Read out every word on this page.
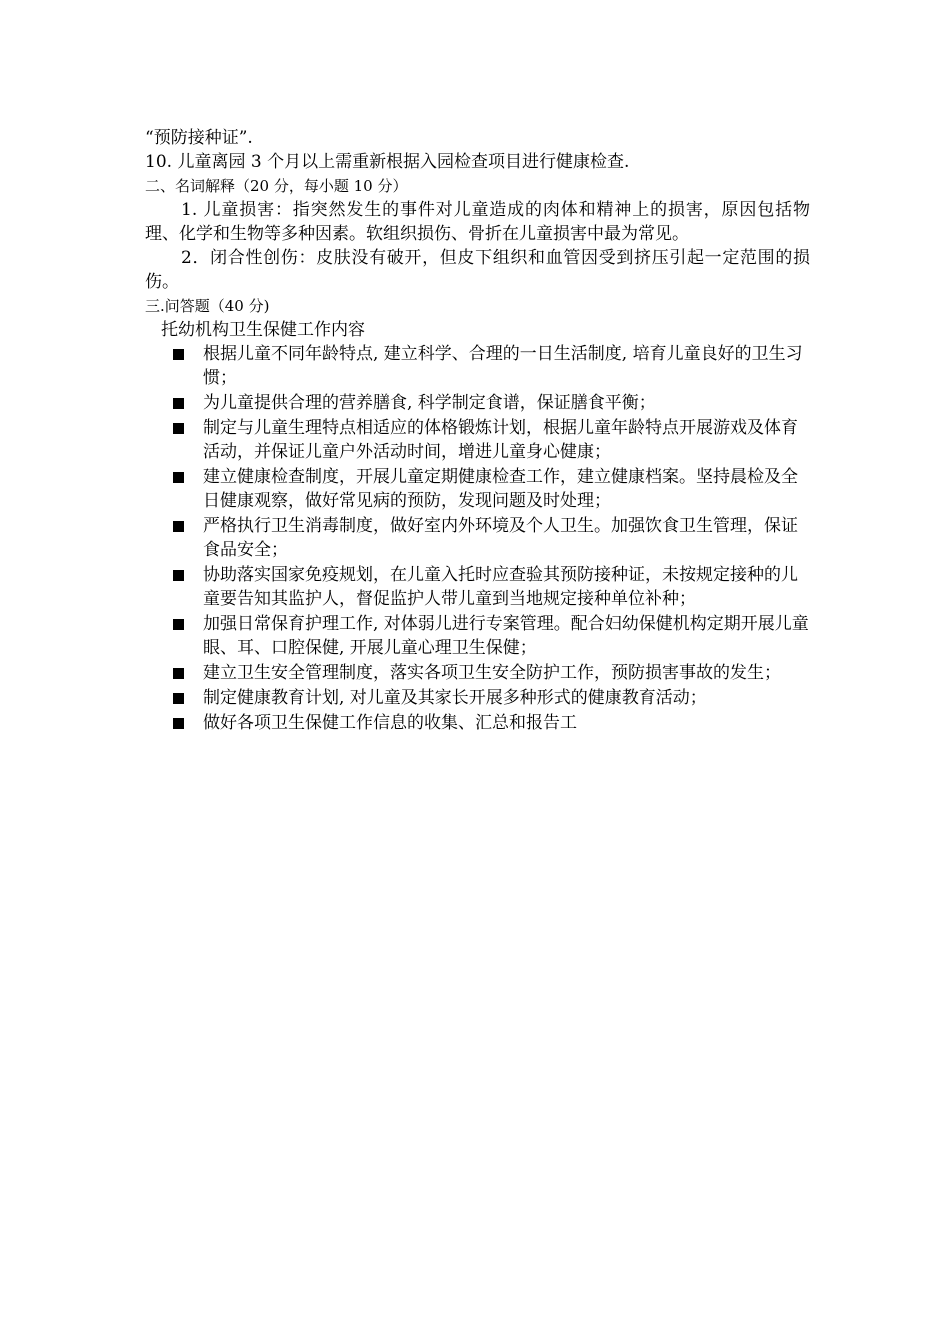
“预防接种证”.
10. 儿童离园 3 个月以上需重新根据入园检查项目进行健康检查.
二、名词解释（20 分，每小题 10 分）
1. 儿童损害：指突然发生的事件对儿童造成的肉体和精神上的损害，原因包括物理、化学和生物等多种因素。软组织损伤、骨折在儿童损害中最为常见。
2．闭合性创伤：皮肤没有破开，但皮下组织和血管因受到挤压引起一定范围的损伤。
三.问答题（40 分)
托幼机构卫生保健工作内容
根据儿童不同年龄特点, 建立科学、合理的一日生活制度, 培育儿童良好的卫生习惯；
为儿童提供合理的营养膳食, 科学制定食谱，保证膳食平衡；
制定与儿童生理特点相适应的体格锻炼计划，根据儿童年龄特点开展游戏及体育活动，并保证儿童户外活动时间，增进儿童身心健康；
建立健康检查制度，开展儿童定期健康检查工作，建立健康档案。坚持晨检及全日健康观察，做好常见病的预防，发现问题及时处理；
严格执行卫生消毒制度，做好室内外环境及个人卫生。加强饮食卫生管理，保证食品安全；
协助落实国家免疫规划，在儿童入托时应查验其预防接种证，未按规定接种的儿童要告知其监护人，督促监护人带儿童到当地规定接种单位补种；
加强日常保育护理工作, 对体弱儿进行专案管理。配合妇幼保健机构定期开展儿童眼、耳、口腔保健, 开展儿童心理卫生保健；
建立卫生安全管理制度，落实各项卫生安全防护工作，预防损害事故的发生；
制定健康教育计划, 对儿童及其家长开展多种形式的健康教育活动；
做好各项卫生保健工作信息的收集、汇总和报告工
